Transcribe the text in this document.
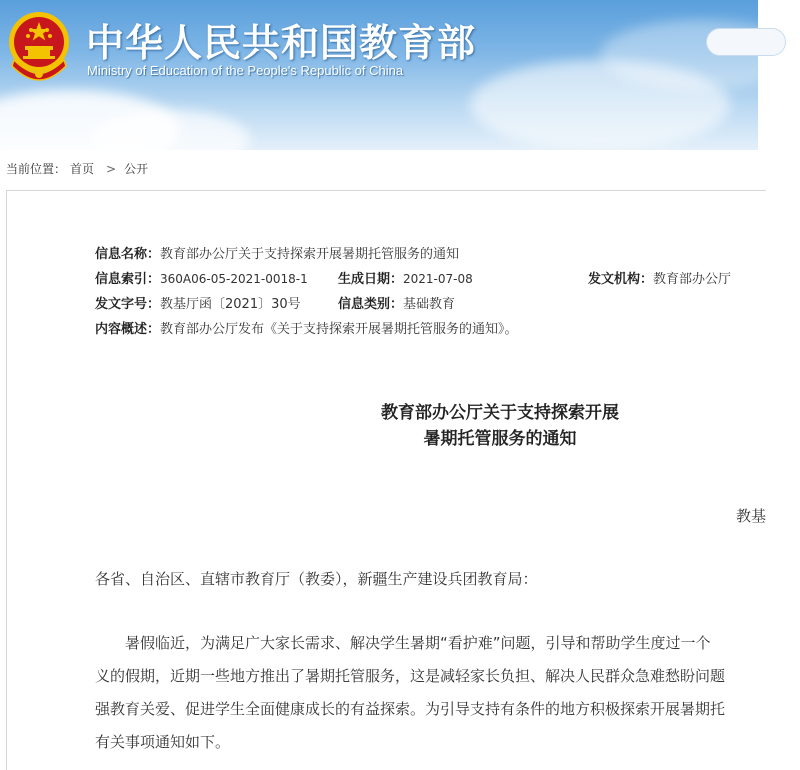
中华人民共和国教育部
Ministry of Education of the People's Republic of China
当前位置： 首页 > 公开
信息名称：教育部办公厅关于支持探索开展暑期托管服务的通知
信息索引：360A06-05-2021-0018-1 生成日期：2021-07-08	发文机构：教育部办公厅
发文字号：教基厅函〔2021〕30号	信息类别：基础教育
内容概述：教育部办公厅发布《关于支持探索开展暑期托管服务的通知》。
教育部办公厅关于支持探索开展
暑期托管服务的通知
教基
各省、自治区、直辖市教育厅（教委），新疆生产建设兵团教育局：
暑假临近，为满足广大家长需求、解决学生暑期“看护难”问题，引导和帮助学生度过一个
义的假期，近期一些地方推出了暑期托管服务，这是减轻家长负担、解决人民群众急难愁盼问题
强教育关爱、促进学生全面健康成长的有益探索。为引导支持有条件的地方积极探索开展暑期托
有关事项通知如下。
